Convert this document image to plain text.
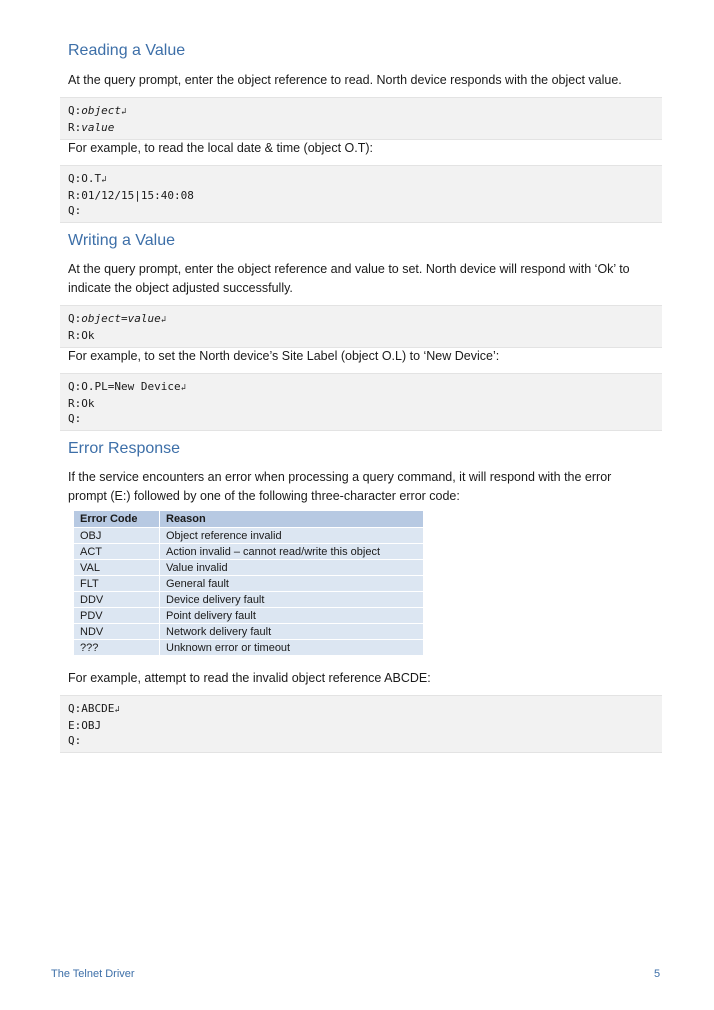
Reading a Value

At the query prompt, enter the object reference to read. North device responds with the object value.

Q:object↲
R:value

For example, to read the local date & time (object O.T):

Q:O.T↲
R:01/12/15|15:40:08
Q:
Writing a Value

At the query prompt, enter the object reference and value to set. North device will respond with ‘Ok’ to indicate the object adjusted successfully.

Q:object=value↲
R:Ok

For example, to set the North device’s Site Label (object O.L) to ‘New Device’:

Q:O.PL=New Device↲
R:Ok
Q:
Error Response

If the service encounters an error when processing a query command, it will respond with the error prompt (E:) followed by one of the following three-character error code:

Error Code	Reason
OBJ	Object reference invalid
ACT	Action invalid – cannot read/write this object
VAL	Value invalid
FLT	General fault
DDV	Device delivery fault
PDV	Point delivery fault
NDV	Network delivery fault
???	Unknown error or timeout

For example, attempt to read the invalid object reference ABCDE:

Q:ABCDE↲
E:OBJ
Q:
The Telnet Driver	5
